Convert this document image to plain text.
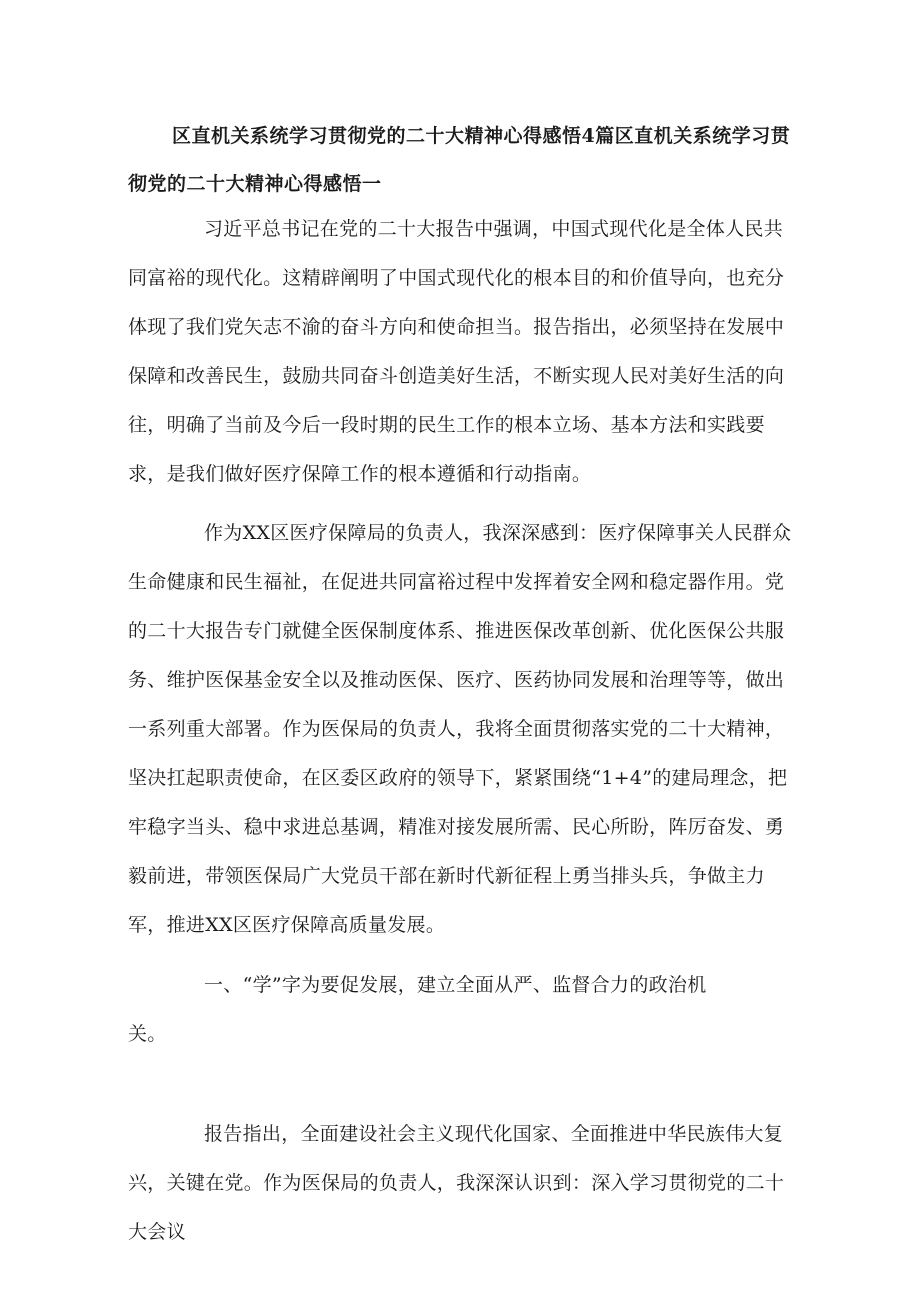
区直机关系统学习贯彻党的二十大精神心得感悟4篇区直机关系统学习贯彻党的二十大精神心得感悟一

习近平总书记在党的二十大报告中强调，中国式现代化是全体人民共同富裕的现代化。这精辟阐明了中国式现代化的根本目的和价值导向，也充分体现了我们党矢志不渝的奋斗方向和使命担当。报告指出，必须坚持在发展中保障和改善民生，鼓励共同奋斗创造美好生活，不断实现人民对美好生活的向往，明确了当前及今后一段时期的民生工作的根本立场、基本方法和实践要求，是我们做好医疗保障工作的根本遵循和行动指南。

作为XX区医疗保障局的负责人，我深深感到：医疗保障事关人民群众生命健康和民生福祉，在促进共同富裕过程中发挥着安全网和稳定器作用。党的二十大报告专门就健全医保制度体系、推进医保改革创新、优化医保公共服务、维护医保基金安全以及推动医保、医疗、医药协同发展和治理等等，做出一系列重大部署。作为医保局的负责人，我将全面贯彻落实党的二十大精神，坚决扛起职责使命，在区委区政府的领导下，紧紧围绕“1+4”的建局理念，把牢稳字当头、稳中求进总基调，精准对接发展所需、民心所盼，阵厉奋发、勇毅前进，带领医保局广大党员干部在新时代新征程上勇当排头兵，争做主力军，推进XX区医疗保障高质量发展。

一、“学”字为要促发展，建立全面从严、监督合力的政治机关。

报告指出，全面建设社会主义现代化国家、全面推进中华民族伟大复兴，关键在党。作为医保局的负责人，我深深认识到：深入学习贯彻党的二十大会议
